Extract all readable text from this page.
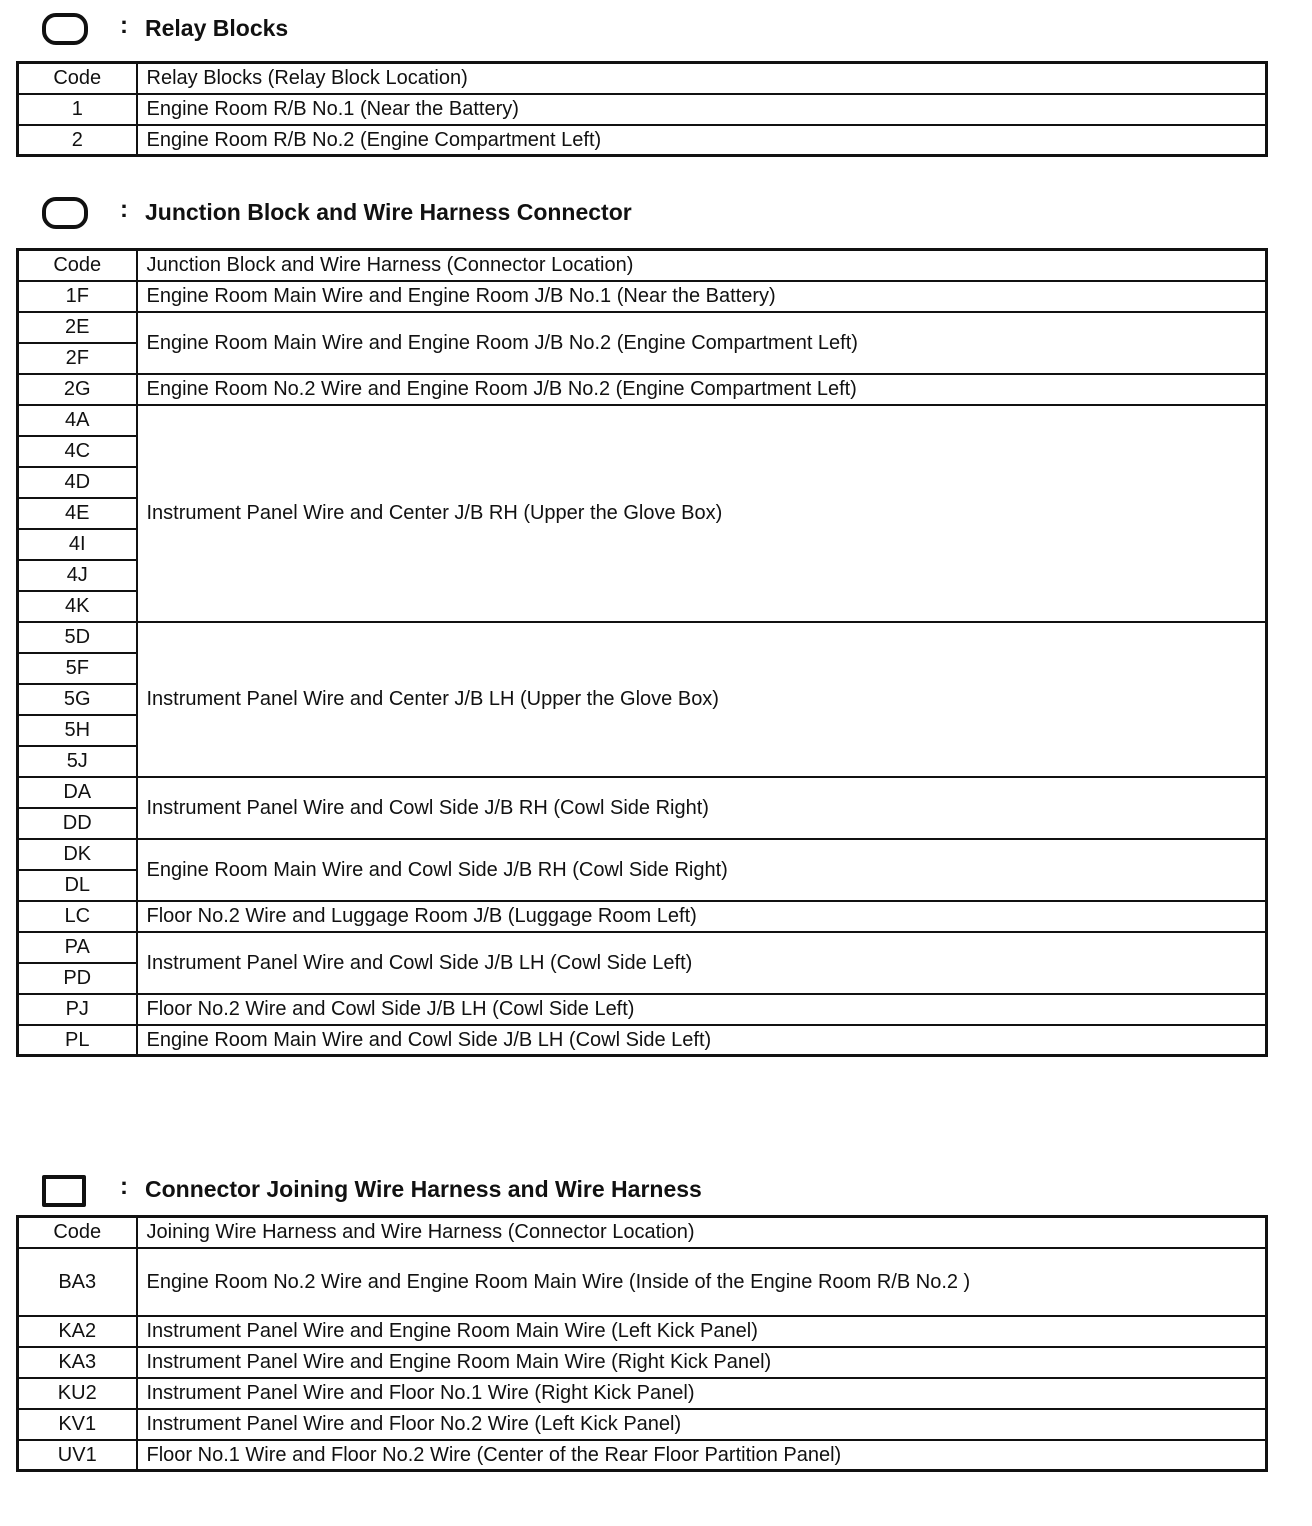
: Relay Blocks
Code	Relay Blocks (Relay Block Location)
1	Engine Room R/B No.1 (Near the Battery)
2	Engine Room R/B No.2 (Engine Compartment Left)
: Junction Block and Wire Harness Connector
Code	Junction Block and Wire Harness (Connector Location)
1F	Engine Room Main Wire and Engine Room J/B No.1 (Near the Battery)
2E	Engine Room Main Wire and Engine Room J/B No.2 (Engine Compartment Left)
2F	
2G	Engine Room No.2 Wire and Engine Room J/B No.2 (Engine Compartment Left)
4A	Instrument Panel Wire and Center J/B RH (Upper the Glove Box)
4C	
4D	
4E	
4I	
4J	
4K	
5D	Instrument Panel Wire and Center J/B LH (Upper the Glove Box)
5F	
5G	
5H	
5J	
DA	Instrument Panel Wire and Cowl Side J/B RH (Cowl Side Right)
DD	
DK	Engine Room Main Wire and Cowl Side J/B RH (Cowl Side Right)
DL	
LC	Floor No.2 Wire and Luggage Room J/B (Luggage Room Left)
PA	Instrument Panel Wire and Cowl Side J/B LH (Cowl Side Left)
PD	
PJ	Floor No.2 Wire and Cowl Side J/B LH (Cowl Side Left)
PL	Engine Room Main Wire and Cowl Side J/B LH (Cowl Side Left)
: Connector Joining Wire Harness and Wire Harness
Code	Joining Wire Harness and Wire Harness (Connector Location)
BA3	Engine Room No.2 Wire and Engine Room Main Wire (Inside of the Engine Room R/B No.2 )
KA2	Instrument Panel Wire and Engine Room Main Wire (Left Kick Panel)
KA3	Instrument Panel Wire and Engine Room Main Wire (Right Kick Panel)
KU2	Instrument Panel Wire and Floor No.1 Wire (Right Kick Panel)
KV1	Instrument Panel Wire and Floor No.2 Wire (Left Kick Panel)
UV1	Floor No.1 Wire and Floor No.2 Wire (Center of the Rear Floor Partition Panel)
